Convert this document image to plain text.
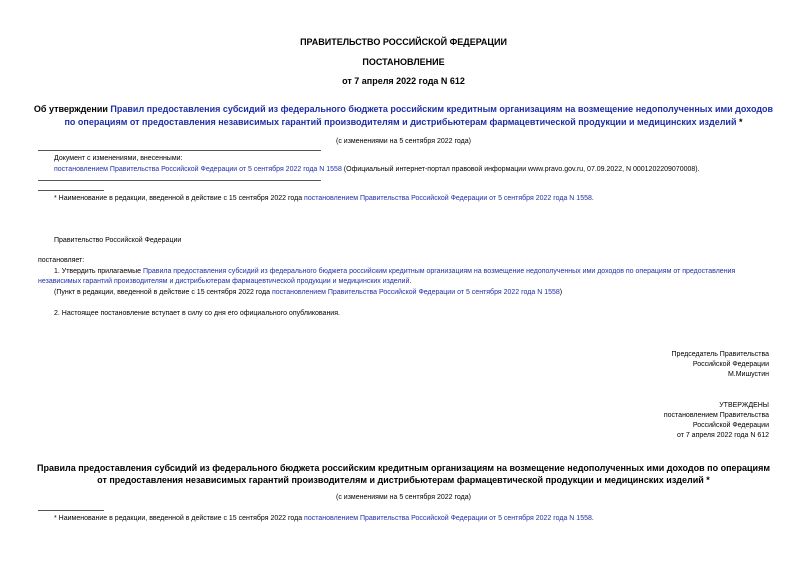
ПРАВИТЕЛЬСТВО РОССИЙСКОЙ ФЕДЕРАЦИИ
ПОСТАНОВЛЕНИЕ
от 7 апреля 2022 года N 612
Об утверждении Правил предоставления субсидий из федерального бюджета российским кредитным организациям на возмещение недополученных ими доходов
по операциям от предоставления независимых гарантий производителям и дистрибьютерам фармацевтической продукции и медицинских изделий *
(с изменениями на 5 сентября 2022 года)
Документ с изменениями, внесенными:
постановлением Правительства Российской Федерации от 5 сентября 2022 года N 1558 (Официальный интернет-портал правовой информации www.pravo.gov.ru, 07.09.2022, N 0001202209070008).
* Наименование в редакции, введенной в действие с 15 сентября 2022 года постановлением Правительства Российской Федерации от 5 сентября 2022 года N 1558.
Правительство Российской Федерации
постановляет:
1. Утвердить прилагаемые Правила предоставления субсидий из федерального бюджета российским кредитным организациям на возмещение недополученных ими доходов по операциям от предоставления
независимых гарантий производителям и дистрибьютерам фармацевтической продукции и медицинских изделий.
(Пункт в редакции, введенной в действие с 15 сентября 2022 года постановлением Правительства Российской Федерации от 5 сентября 2022 года N 1558)
2. Настоящее постановление вступает в силу со дня его официального опубликования.
Председатель Правительства
Российской Федерации
М.Мишустин
УТВЕРЖДЕНЫ
постановлением Правительства
Российской Федерации
от 7 апреля 2022 года N 612
Правила предоставления субсидий из федерального бюджета российским кредитным организациям на возмещение недополученных ими доходов по операциям
от предоставления независимых гарантий производителям и дистрибьютерам фармацевтической продукции и медицинских изделий *
(с изменениями на 5 сентября 2022 года)
* Наименование в редакции, введенной в действие с 15 сентября 2022 года постановлением Правительства Российской Федерации от 5 сентября 2022 года N 1558.
